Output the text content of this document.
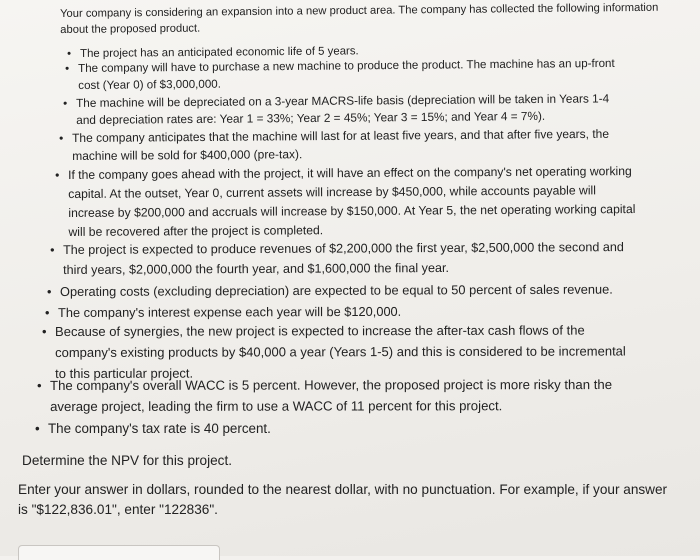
Your company is considering an expansion into a new product area. The company has collected the following information about the proposed product.
• The project has an anticipated economic life of 5 years.
• The company will have to purchase a new machine to produce the product. The machine has an up-front cost (Year 0) of $3,000,000.
• The machine will be depreciated on a 3-year MACRS-life basis (depreciation will be taken in Years 1-4 and depreciation rates are: Year 1 = 33%; Year 2 = 45%; Year 3 = 15%; and Year 4 = 7%).
• The company anticipates that the machine will last for at least five years, and that after five years, the machine will be sold for $400,000 (pre-tax).
• If the company goes ahead with the project, it will have an effect on the company's net operating working capital. At the outset, Year 0, current assets will increase by $450,000, while accounts payable will increase by $200,000 and accruals will increase by $150,000. At Year 5, the net operating working capital will be recovered after the project is completed.
• The project is expected to produce revenues of $2,200,000 the first year, $2,500,000 the second and third years, $2,000,000 the fourth year, and $1,600,000 the final year.
• Operating costs (excluding depreciation) are expected to be equal to 50 percent of sales revenue.
• The company's interest expense each year will be $120,000.
• Because of synergies, the new project is expected to increase the after-tax cash flows of the company's existing products by $40,000 a year (Years 1-5) and this is considered to be incremental to this particular project.
• The company's overall WACC is 5 percent. However, the proposed project is more risky than the average project, leading the firm to use a WACC of 11 percent for this project.
• The company's tax rate is 40 percent.
Determine the NPV for this project.
Enter your answer in dollars, rounded to the nearest dollar, with no punctuation. For example, if your answer is "$122,836.01", enter "122836".
